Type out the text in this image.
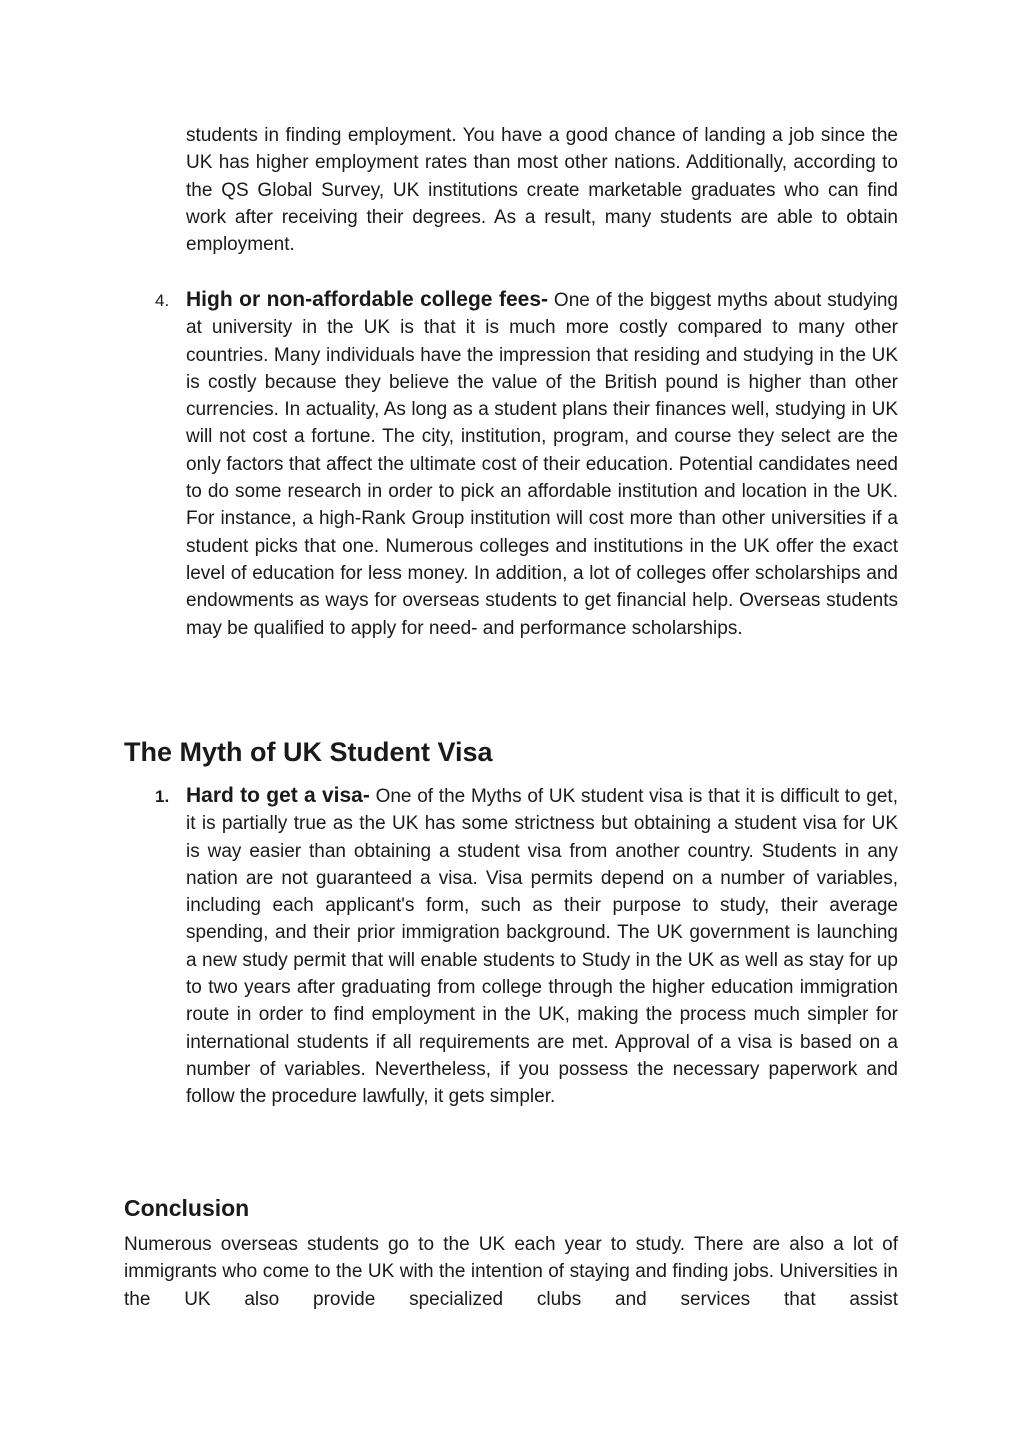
students in finding employment. You have a good chance of landing a job since the UK has higher employment rates than most other nations. Additionally, according to the QS Global Survey, UK institutions create marketable graduates who can find work after receiving their degrees. As a result, many students are able to obtain employment.

4. High or non-affordable college fees- One of the biggest myths about studying at university in the UK is that it is much more costly compared to many other countries. Many individuals have the impression that residing and studying in the UK is costly because they believe the value of the British pound is higher than other currencies. In actuality, As long as a student plans their finances well, studying in UK will not cost a fortune. The city, institution, program, and course they select are the only factors that affect the ultimate cost of their education. Potential candidates need to do some research in order to pick an affordable institution and location in the UK. For instance, a high-Rank Group institution will cost more than other universities if a student picks that one. Numerous colleges and institutions in the UK offer the exact level of education for less money. In addition, a lot of colleges offer scholarships and endowments as ways for overseas students to get financial help. Overseas students may be qualified to apply for need- and performance scholarships.

The Myth of UK Student Visa
1. Hard to get a visa- One of the Myths of UK student visa is that it is difficult to get, it is partially true as the UK has some strictness but obtaining a student visa for UK is way easier than obtaining a student visa from another country. Students in any nation are not guaranteed a visa. Visa permits depend on a number of variables, including each applicant's form, such as their purpose to study, their average spending, and their prior immigration background. The UK government is launching a new study permit that will enable students to Study in the UK as well as stay for up to two years after graduating from college through the higher education immigration route in order to find employment in the UK, making the process much simpler for international students if all requirements are met. Approval of a visa is based on a number of variables. Nevertheless, if you possess the necessary paperwork and follow the procedure lawfully, it gets simpler.

Conclusion

Numerous overseas students go to the UK each year to study. There are also a lot of immigrants who come to the UK with the intention of staying and finding jobs. Universities in the UK also provide specialized clubs and services that assist
